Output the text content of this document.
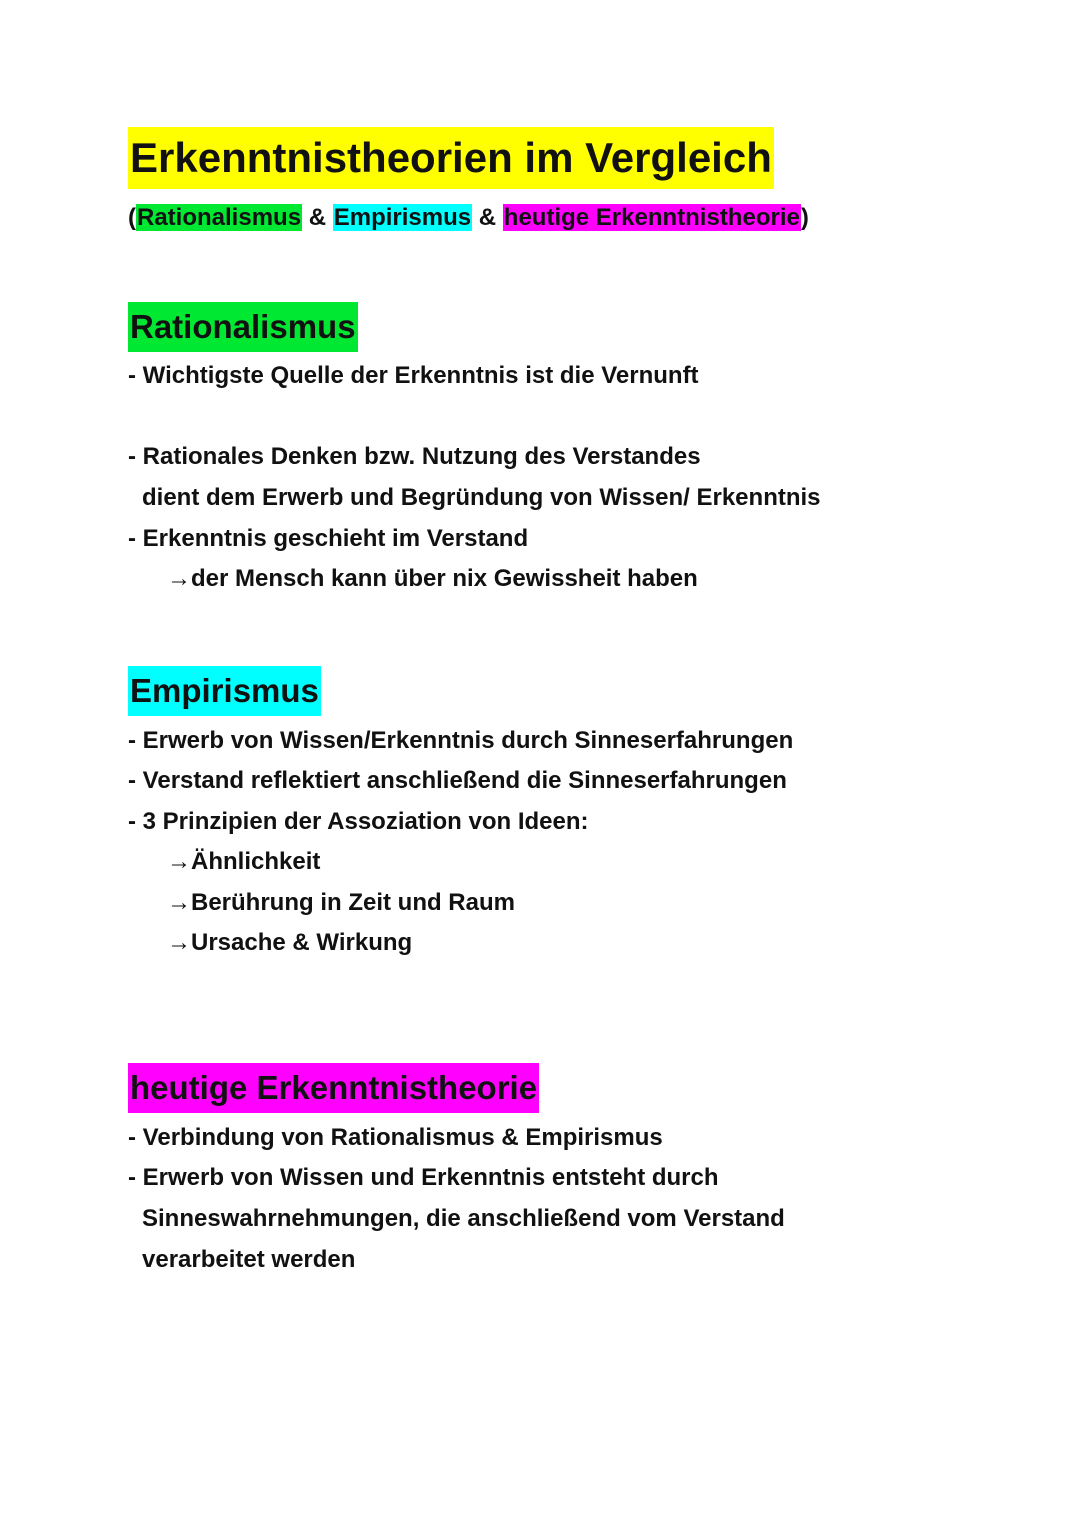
Erkenntnistheorien im Vergleich
(Rationalismus & Empirismus & heutige Erkenntnistheorie)
Rationalismus
- Wichtigste Quelle der Erkenntnis ist die Vernunft
- Rationales Denken bzw. Nutzung des Verstandes
dient dem Erwerb und Begründung von Wissen/ Erkenntnis
- Erkenntnis geschieht im Verstand
→der Mensch kann über nix Gewissheit haben
Empirismus
- Erwerb von Wissen/Erkenntnis durch Sinneserfahrungen
- Verstand reflektiert anschließend die Sinneserfahrungen
- 3 Prinzipien der Assoziation von Ideen:
→Ähnlichkeit
→Berührung in Zeit und Raum
→Ursache & Wirkung
heutige Erkenntnistheorie
- Verbindung von Rationalismus & Empirismus
- Erwerb von Wissen und Erkenntnis entsteht durch
Sinneswahrnehmungen, die anschließend vom Verstand
verarbeitet werden
